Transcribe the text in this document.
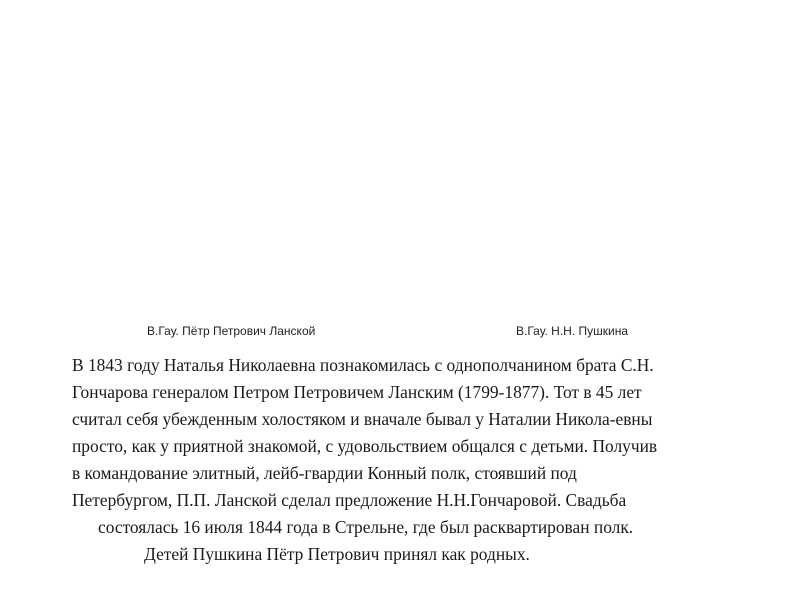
В.Гау. Пётр Петрович Ланской	В.Гау. Н.Н. Пушкина
В 1843 году Наталья Николаевна познакомилась с однополчанином брата С.Н.
Гончарова генералом Петром Петровичем Ланским (1799-1877). Тот в 45 лет
считал себя убежденным холостяком и вначале бывал у Наталии Никола-евны
просто, как у приятной знакомой, с удовольствием общался с детьми. Получив
в командование элитный, лейб-гвардии Конный полк, стоявший под
Петербургом, П.П. Ланской сделал предложение Н.Н.Гончаровой. Свадьба
состоялась 16 июля 1844 года в Стрельне, где был расквартирован полк.
Детей Пушкина Пётр Петрович принял как родных.
